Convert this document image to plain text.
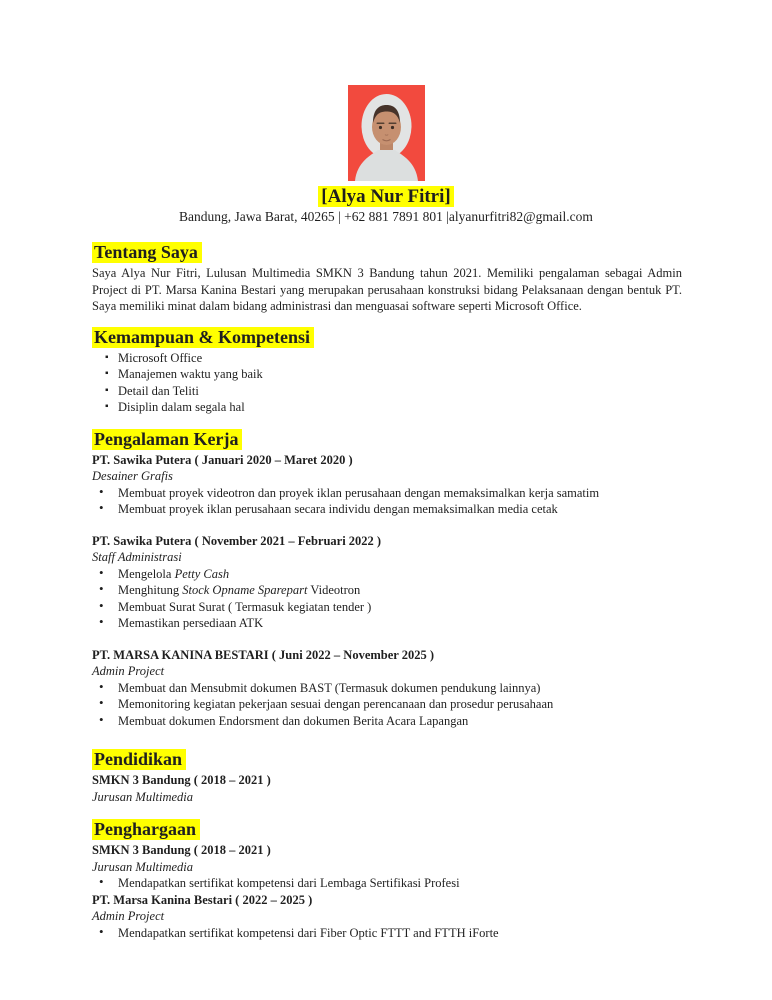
[Alya Nur Fitri]
Bandung, Jawa Barat, 40265 | +62 881 7891 801 |alyanurfitri82@gmail.com
Tentang Saya

Saya Alya Nur Fitri, Lulusan Multimedia SMKN 3 Bandung tahun 2021. Memiliki pengalaman sebagai Admin Project di PT. Marsa Kanina Bestari yang merupakan perusahaan konstruksi bidang Pelaksanaan dengan bentuk PT. Saya memiliki minat dalam bidang administrasi dan menguasai software seperti Microsoft Office.

Kemampuan & Kompetensi
▪ Microsoft Office
▪ Manajemen waktu yang baik
▪ Detail dan Teliti
▪ Disiplin dalam segala hal
Pengalaman Kerja
PT. Sawika Putera ( Januari 2020 – Maret 2020 )
Desainer Grafis
• Membuat proyek videotron dan proyek iklan perusahaan dengan memaksimalkan kerja samatim
• Membuat proyek iklan perusahaan secara individu dengan memaksimalkan media cetak
PT. Sawika Putera ( November 2021 – Februari 2022 )
Staff Administrasi
• Mengelola Petty Cash
• Menghitung Stock Opname Sparepart Videotron
• Membuat Surat Surat ( Termasuk kegiatan tender )
• Memastikan persediaan ATK
PT. MARSA KANINA BESTARI ( Juni 2022 – November 2025 )
Admin Project
• Membuat dan Mensubmit dokumen BAST (Termasuk dokumen pendukung lainnya)
• Memonitoring kegiatan pekerjaan sesuai dengan perencanaan dan prosedur perusahaan
• Membuat dokumen Endorsment dan dokumen Berita Acara Lapangan
Pendidikan
SMKN 3 Bandung ( 2018 – 2021 )
Jurusan Multimedia
Penghargaan
SMKN 3 Bandung ( 2018 – 2021 )
Jurusan Multimedia
• Mendapatkan sertifikat kompetensi dari Lembaga Sertifikasi Profesi
PT. Marsa Kanina Bestari ( 2022 – 2025 )
Admin Project
• Mendapatkan sertifikat kompetensi dari Fiber Optic FTTT and FTTH iForte
